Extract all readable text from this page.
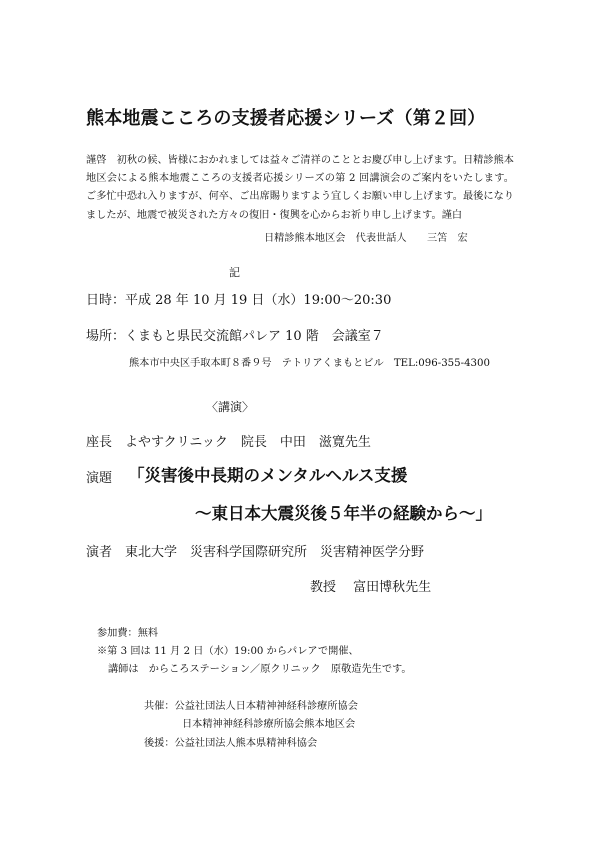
熊本地震こころの支援者応援シリーズ（第２回）
謹啓　初秋の候、皆様におかれましては益々ご清祥のこととお慶び申し上げます。日精診熊本地区会による熊本地震こころの支援者応援シリーズの第 2 回講演会のご案内をいたします。ご多忙中恐れ入りますが、何卒、ご出席賜りますよう宜しくお願い申し上げます。最後になりましたが、地震で被災された方々の復旧・復興を心からお祈り申し上げます。謹白
日精診熊本地区会　代表世話人　　三笘　宏
記
日時：平成 28 年 10 月 19 日（水）19:00～20:30
場所：くまもと県民交流館パレア 10 階　会議室７
熊本市中央区手取本町８番９号　テトリアくまもとビル　TEL:096-355-4300
〈講演〉
座長　よやすクリニック　院長　中田　滋寛先生
演題 「災害後中長期のメンタルヘルス支援
～東日本大震災後５年半の経験から～」
演者　東北大学　災害科学国際研究所　災害精神医学分野
教授　 富田博秋先生
参加費：無料
※第 3 回は 11 月 2 日（水）19:00 からパレアで開催、
講師は　からころステーション／原クリニック　原敬造先生です。
共催：公益社団法人日本精神神経科診療所協会
日本精神神経科診療所協会熊本地区会
後援：公益社団法人熊本県精神科協会
